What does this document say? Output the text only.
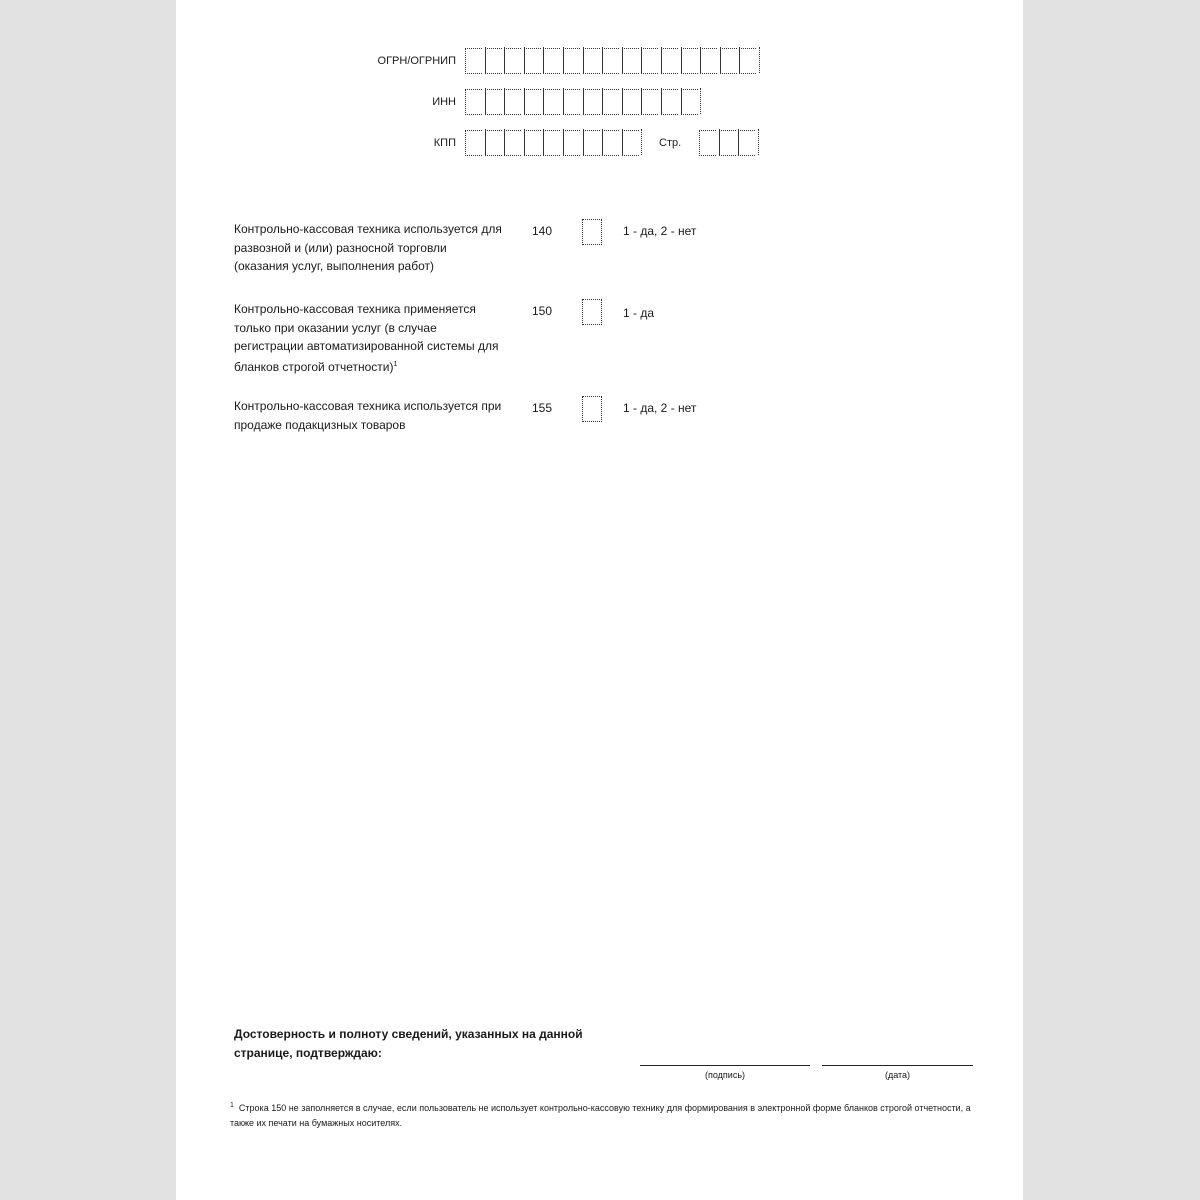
ОГРН/ОГРНИП
ИНН
КПП	Стр.
Контрольно-кассовая техника используется для развозной и (или) разносной торговли (оказания услуг, выполнения работ)
140	1 - да, 2 - нет
Контрольно-кассовая техника применяется только при оказании услуг (в случае регистрации автоматизированной системы для бланков строгой отчетности)$^1$
150	1 - да
Контрольно-кассовая техника используется при продаже подакцизных товаров
155	1 - да, 2 - нет
Достоверность и полноту сведений, указанных на данной странице, подтверждаю:
(подпись)	(дата)
$^1$ Строка 150 не заполняется в случае, если пользователь не использует контрольно-кассовую технику для формирования в электронной форме бланков строгой отчетности, а также их печати на бумажных носителях.
